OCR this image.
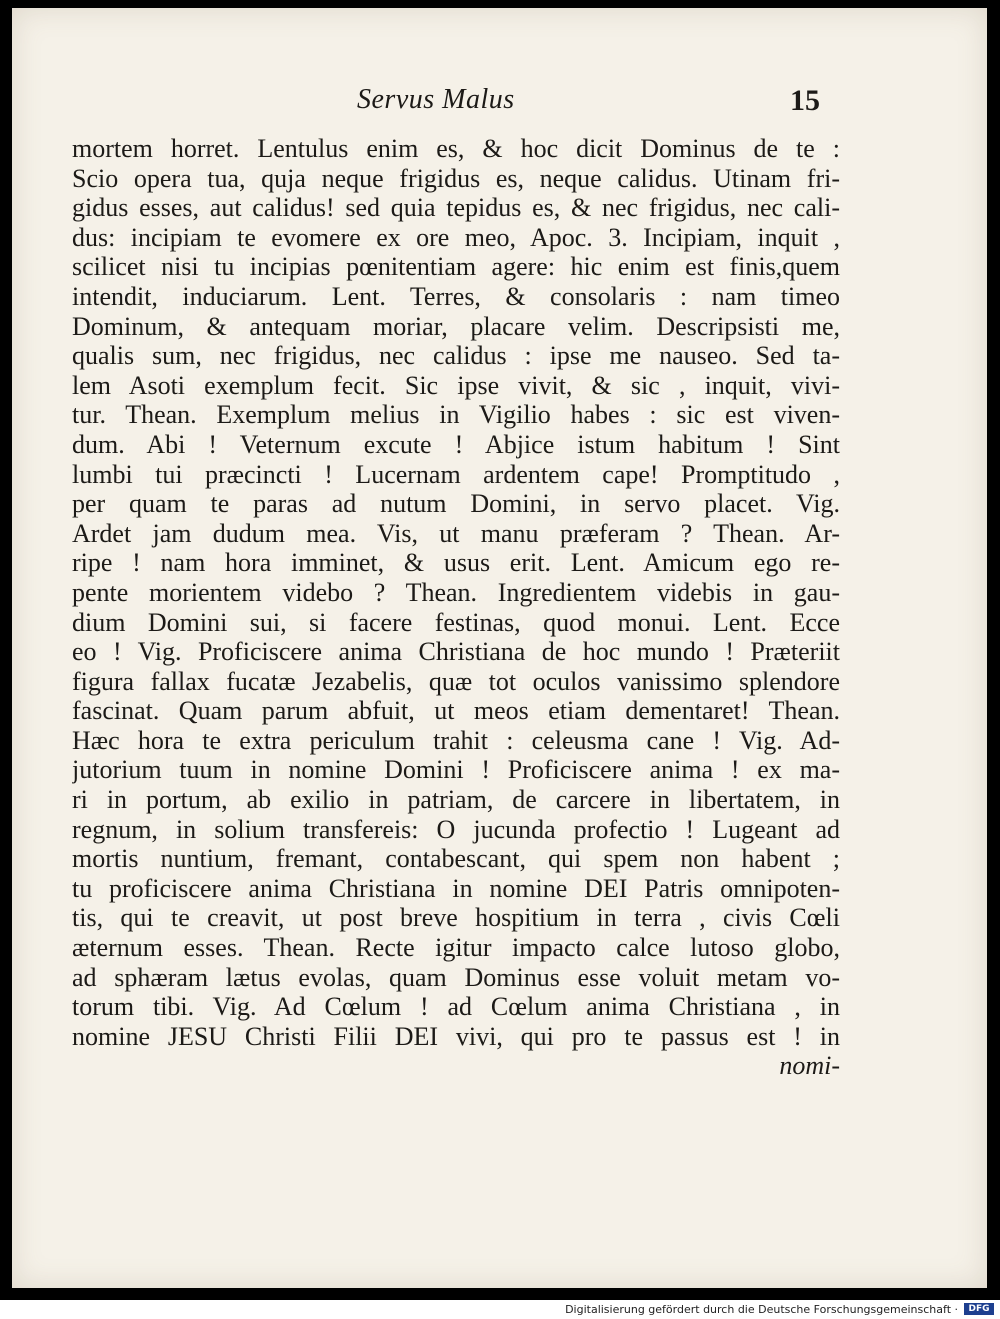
Servus Malus	15
mortem horret. Lentulus enim es, & hoc dicit Dominus de te :
Scio opera tua, quja neque frigidus es, neque calidus. Utinam fri-
gidus esses, aut calidus! sed quia tepidus es, & nec frigidus, nec cali-
dus: incipiam te evomere ex ore meo, Apoc. 3. Incipiam, inquit ,
scilicet nisi tu incipias pœnitentiam agere: hic enim est finis,quem
intendit, induciarum. Lent. Terres, & consolaris : nam timeo
Dominum, & antequam moriar, placare velim. Descripsisti me,
qualis sum, nec frigidus, nec calidus : ipse me nauseo. Sed ta-
lem Asoti exemplum fecit. Sic ipse vivit, & sic , inquit, vivi-
tur. Thean. Exemplum melius in Vigilio habes : sic est viven-
dum. Abi ! Veternum excute ! Abjice istum habitum ! Sint
lumbi tui præcincti ! Lucernam ardentem cape! Promptitudo ,
per quam te paras ad nutum Domini, in servo placet. Vig.
Ardet jam dudum mea. Vis, ut manu præferam ? Thean. Ar-
ripe ! nam hora imminet, & usus erit. Lent. Amicum ego re-
pente morientem videbo ? Thean. Ingredientem videbis in gau-
dium Domini sui, si facere festinas, quod monui. Lent. Ecce
eo ! Vig. Proficiscere anima Christiana de hoc mundo ! Præteriit
figura fallax fucatæ Jezabelis, quæ tot oculos vanissimo splendore
fascinat. Quam parum abfuit, ut meos etiam dementaret! Thean.
Hæc hora te extra periculum trahit : celeusma cane ! Vig. Ad-
jutorium tuum in nomine Domini ! Proficiscere anima ! ex ma-
ri in portum, ab exilio in patriam, de carcere in libertatem, in
regnum, in solium transfereis: O jucunda profectio ! Lugeant ad
mortis nuntium, fremant, contabescant, qui spem non habent ;
tu proficiscere anima Christiana in nomine DEI Patris omnipoten-
tis, qui te creavit, ut post breve hospitium in terra , civis Cœli
æternum esses. Thean. Recte igitur impacto calce lutoso globo,
ad sphæram lætus evolas, quam Dominus esse voluit metam vo-
torum tibi. Vig. Ad Cœlum ! ad Cœlum anima Christiana , in
nomine JESU Christi Filii DEI vivi, qui pro te passus est ! in
nomi-
Digitalisierung gefördert durch die Deutsche Forschungsgemeinschaft ·	DFG
